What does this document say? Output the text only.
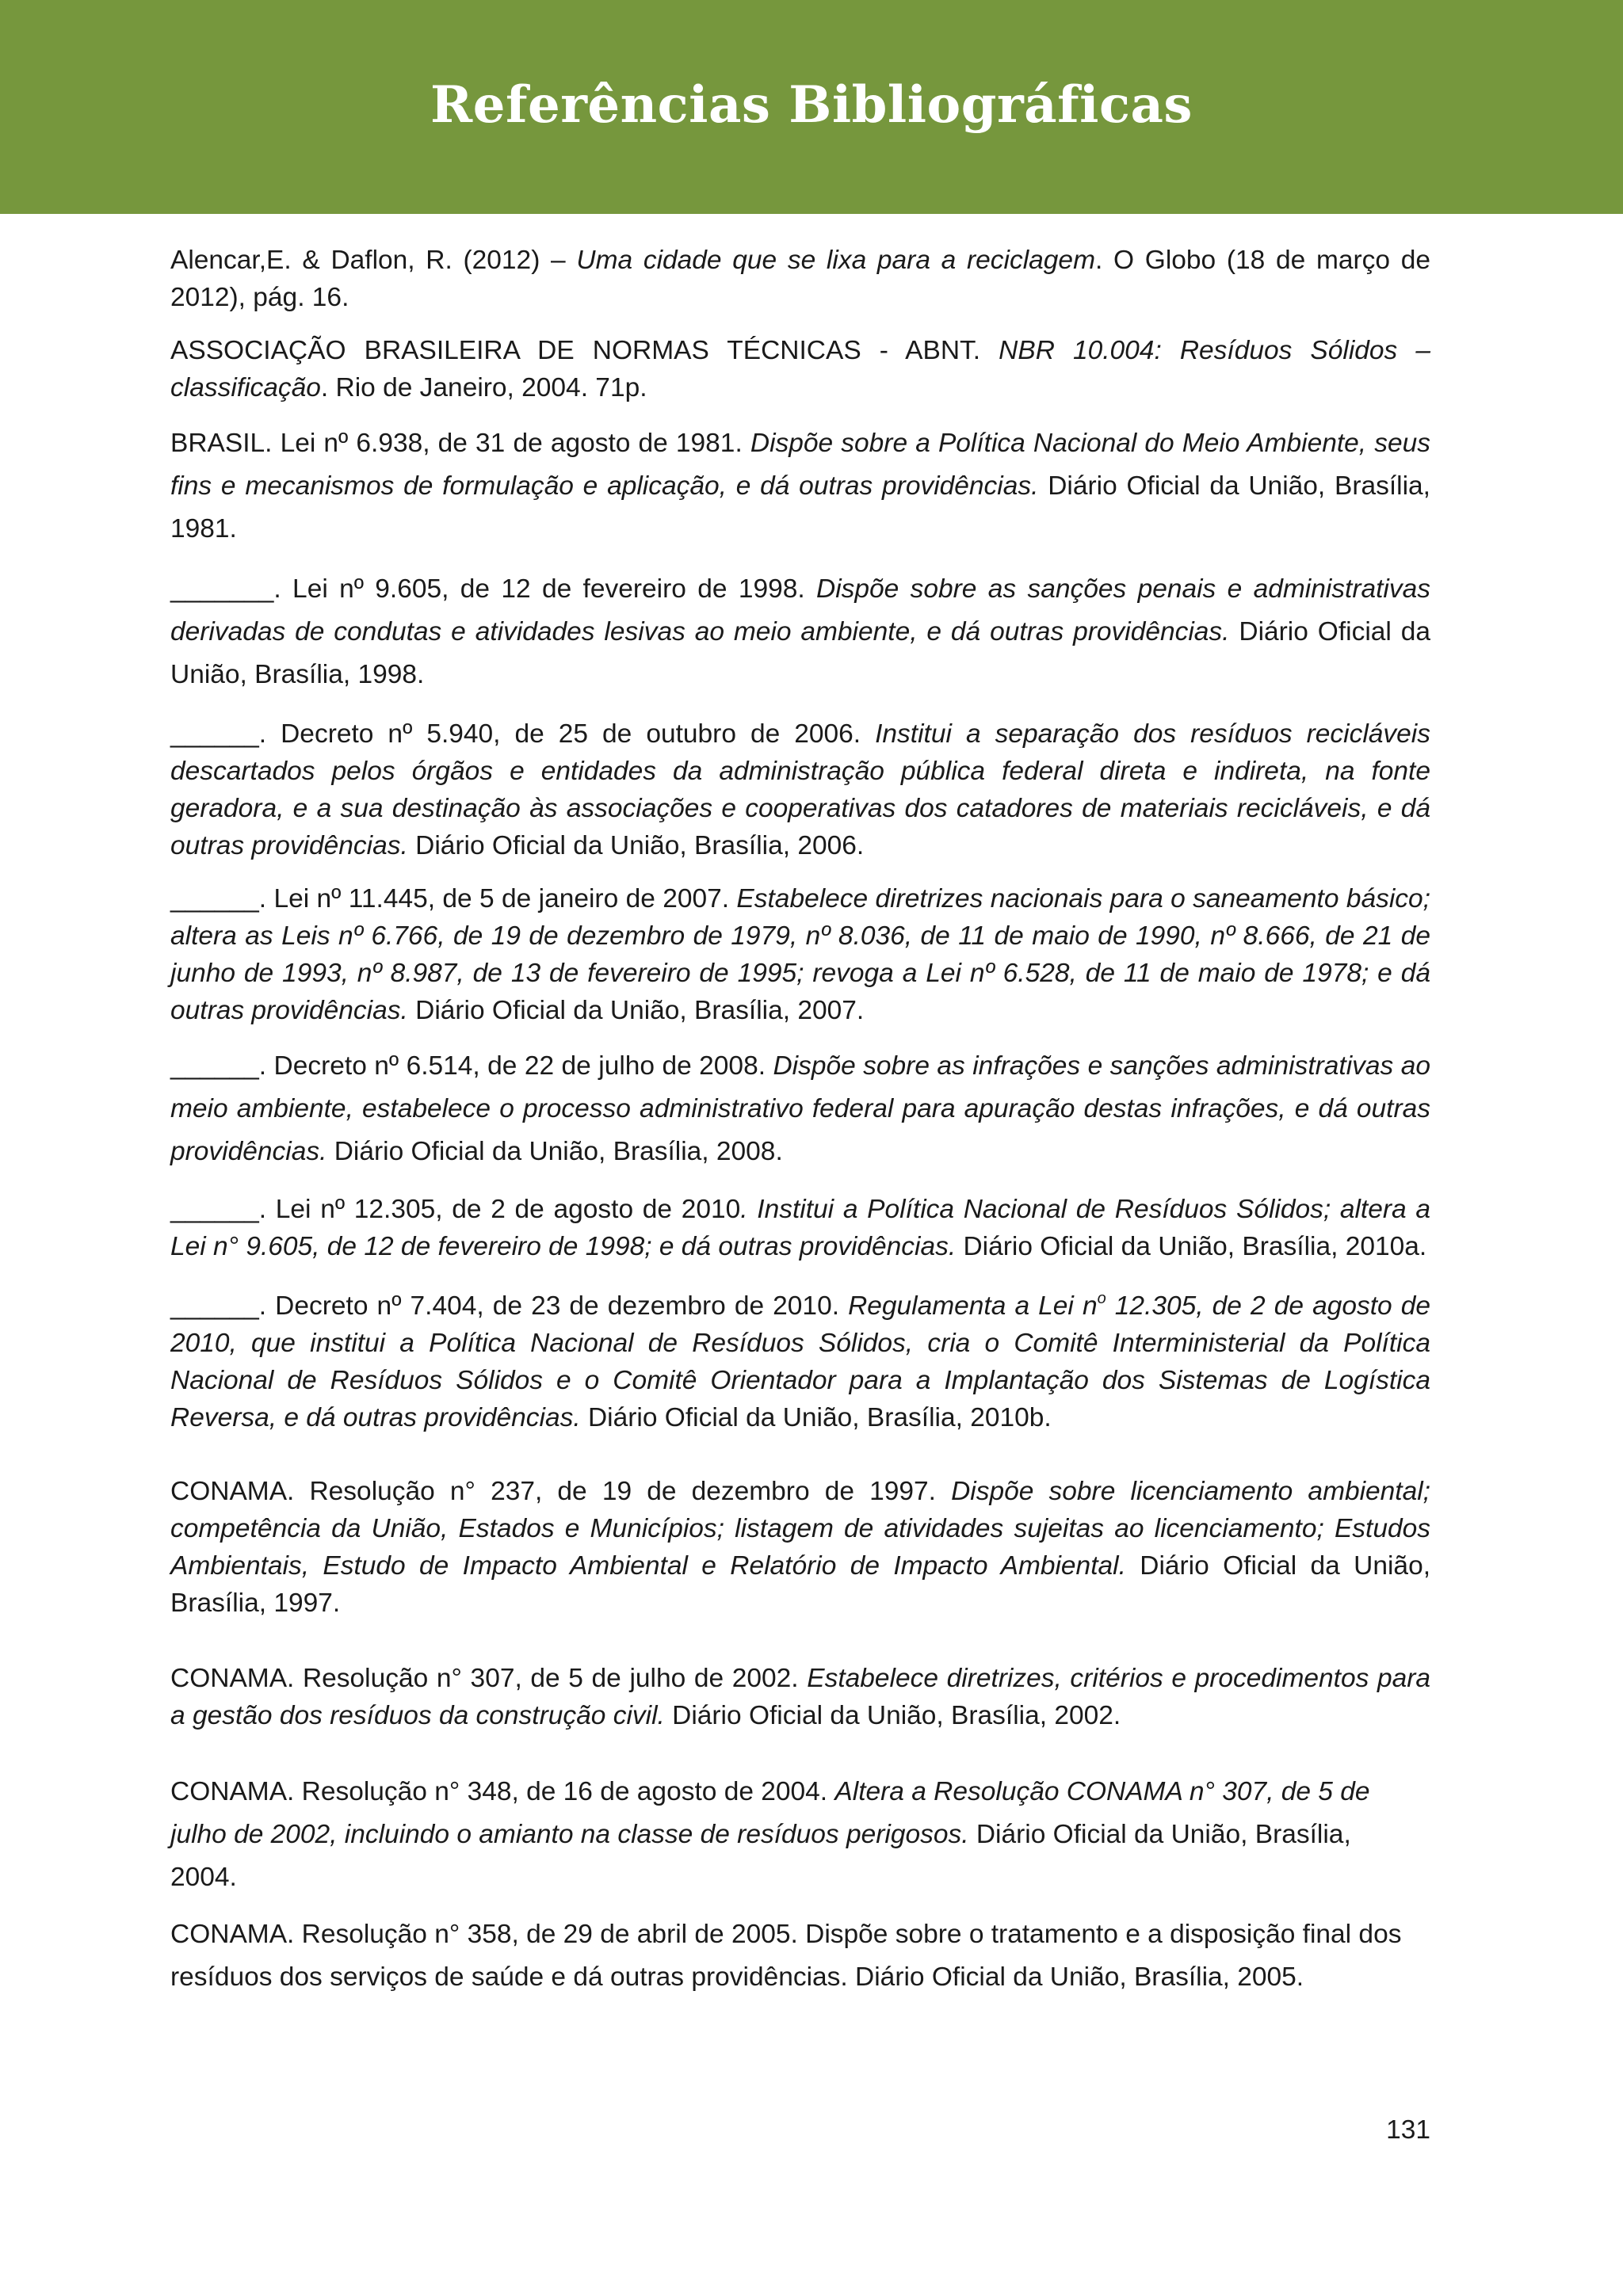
Referências Bibliográficas

Alencar,E. & Daflon, R. (2012) – Uma cidade que se lixa para a reciclagem. O Globo (18 de março de 2012), pág. 16.

ASSOCIAÇÃO BRASILEIRA DE NORMAS TÉCNICAS - ABNT. NBR 10.004: Resíduos Sólidos – classificação. Rio de Janeiro, 2004. 71p.

BRASIL. Lei nº 6.938, de 31 de agosto de 1981. Dispõe sobre a Política Nacional do Meio Ambiente, seus fins e mecanismos de formulação e aplicação, e dá outras providências. Diário Oficial da União, Brasília, 1981.

_______. Lei nº 9.605, de 12 de fevereiro de 1998. Dispõe sobre as sanções penais e administrativas derivadas de condutas e atividades lesivas ao meio ambiente, e dá outras providências. Diário Oficial da União, Brasília, 1998.

______. Decreto nº 5.940, de 25 de outubro de 2006. Institui a separação dos resíduos recicláveis descartados pelos órgãos e entidades da administração pública federal direta e indireta, na fonte geradora, e a sua destinação às associações e cooperativas dos catadores de materiais recicláveis, e dá outras providências. Diário Oficial da União, Brasília, 2006.

______. Lei nº 11.445, de 5 de janeiro de 2007. Estabelece diretrizes nacionais para o saneamento básico; altera as Leis nº 6.766, de 19 de dezembro de 1979, nº 8.036, de 11 de maio de 1990, nº 8.666, de 21 de junho de 1993, nº 8.987, de 13 de fevereiro de 1995; revoga a Lei nº 6.528, de 11 de maio de 1978; e dá outras providências. Diário Oficial da União, Brasília, 2007.

______. Decreto nº 6.514, de 22 de julho de 2008. Dispõe sobre as infrações e sanções administrativas ao meio ambiente, estabelece o processo administrativo federal para apuração destas infrações, e dá outras providências. Diário Oficial da União, Brasília, 2008.

______. Lei nº 12.305, de 2 de agosto de 2010. Institui a Política Nacional de Resíduos Sólidos; altera a Lei n° 9.605, de 12 de fevereiro de 1998; e dá outras providências. Diário Oficial da União, Brasília, 2010a.

______. Decreto nº 7.404, de 23 de dezembro de 2010. Regulamenta a Lei $n^o$ 12.305, de 2 de agosto de 2010, que institui a Política Nacional de Resíduos Sólidos, cria o Comitê Interministerial da Política Nacional de Resíduos Sólidos e o Comitê Orientador para a Implantação dos Sistemas de Logística Reversa, e dá outras providências. Diário Oficial da União, Brasília, 2010b.

CONAMA. Resolução n° 237, de 19 de dezembro de 1997. Dispõe sobre licenciamento ambiental; competência da União, Estados e Municípios; listagem de atividades sujeitas ao licenciamento; Estudos Ambientais, Estudo de Impacto Ambiental e Relatório de Impacto Ambiental. Diário Oficial da União, Brasília, 1997.

CONAMA. Resolução n° 307, de 5 de julho de 2002. Estabelece diretrizes, critérios e procedimentos para a gestão dos resíduos da construção civil. Diário Oficial da União, Brasília, 2002.

CONAMA. Resolução n° 348, de 16 de agosto de 2004. Altera a Resolução CONAMA n° 307, de 5 de julho de 2002, incluindo o amianto na classe de resíduos perigosos. Diário Oficial da União, Brasília, 2004.

CONAMA. Resolução n° 358, de 29 de abril de 2005. Dispõe sobre o tratamento e a disposição final dos resíduos dos serviços de saúde e dá outras providências. Diário Oficial da União, Brasília, 2005.

131
